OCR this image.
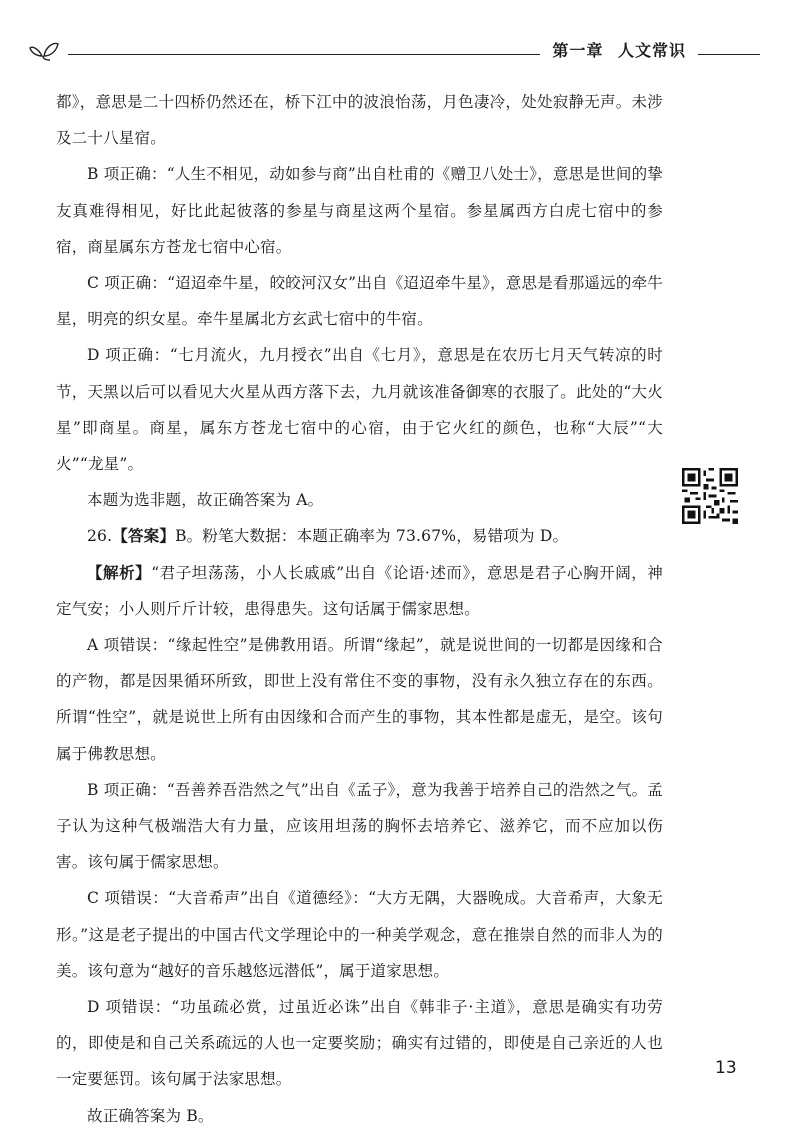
第一章 人文常识

都》，意思是二十四桥仍然还在，桥下江中的波浪怡荡，月色凄冷，处处寂静无声。未涉及二十八星宿。

B 项正确：“人生不相见，动如参与商”出自杜甫的《赠卫八处士》，意思是世间的挚友真难得相见，好比此起彼落的参星与商星这两个星宿。参星属西方白虎七宿中的参宿，商星属东方苍龙七宿中心宿。

C 项正确：“迢迢牵牛星，皎皎河汉女”出自《迢迢牵牛星》，意思是看那遥远的牵牛星，明亮的织女星。牵牛星属北方玄武七宿中的牛宿。

D 项正确：“七月流火，九月授衣”出自《七月》，意思是在农历七月天气转凉的时节，天黑以后可以看见大火星从西方落下去，九月就该准备御寒的衣服了。此处的“大火星”即商星。商星，属东方苍龙七宿中的心宿，由于它火红的颜色，也称“大辰”“大火”“龙星”。

本题为选非题，故正确答案为 A。

26.【答案】B。粉笔大数据：本题正确率为 73.67%，易错项为 D。

【解析】“君子坦荡荡，小人长戚戚”出自《论语·述而》，意思是君子心胸开阔，神定气安；小人则斤斤计较，患得患失。这句话属于儒家思想。

A 项错误：“缘起性空”是佛教用语。所谓“缘起”，就是说世间的一切都是因缘和合的产物，都是因果循环所致，即世上没有常住不变的事物，没有永久独立存在的东西。所谓“性空”，就是说世上所有由因缘和合而产生的事物，其本性都是虚无，是空。该句属于佛教思想。

B 项正确：“吾善养吾浩然之气”出自《孟子》，意为我善于培养自己的浩然之气。孟子认为这种气极端浩大有力量，应该用坦荡的胸怀去培养它、滋养它，而不应加以伤害。该句属于儒家思想。

C 项错误：“大音希声”出自《道德经》：“大方无隅，大器晚成。大音希声，大象无形。”这是老子提出的中国古代文学理论中的一种美学观念，意在推崇自然的而非人为的美。该句意为“越好的音乐越悠远潜低”，属于道家思想。

D 项错误：“功虽疏必赏，过虽近必诛”出自《韩非子·主道》，意思是确实有功劳的，即使是和自己关系疏远的人也一定要奖励；确实有过错的，即使是自己亲近的人也一定要惩罚。该句属于法家思想。

故正确答案为 B。

13
